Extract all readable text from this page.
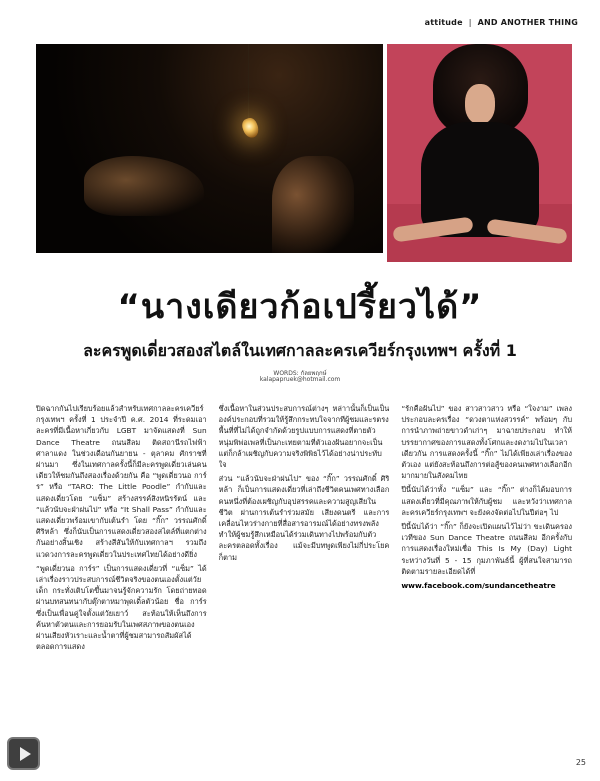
attitude | AND ANOTHER THING
“นางเดียวก้อเปรี้ยวได้”
ละครพูดเดี่ยวสองสไตล์ในเทศกาลละครเควียร์กรุงเทพฯ ครั้งที่ 1
WORDS: กัลยพฤกษ์
kalapapruek@hotmail.com

ปิดฉากกันไปเรียบร้อยแล้วสำหรับเทศกาลละครเควียร์กรุงเทพฯ ครั้งที่ 1 ประจำปี ค.ศ. 2014 ที่ระดมเอาละครที่มีเนื้อหาเกี่ยวกับ LGBT มาจัดแสดงที่ Sun Dance Theatre ถนนสีลม ติดสถานีรถไฟฟ้าศาลาแดง ในช่วงเดือนกันยายน - ตุลาคม ศักราชที่ผ่านมา ซึ่งในเทศกาลครั้งนี้ก็มีละครพูดเดี่ยวเล่นคนเดียวให้ชมกันถึงสองเรื่องด้วยกัน คือ “พูดเดี่ยวนอ การ์ร” หรือ “TARO: The Little Poodle” กำกับและแสดงเดี่ยวโดย “แซ็ม” สร้างสรรค์สิงหนิรรัตน์ และ “แล้วนับจะฝ่าฝนไป” หรือ “It Shall Pass” กำกับและแสดงเดี่ยวพร้อมเขากับเต้นรำ โดย “กิ๊ก” วรรณศักดิ์ ศิริหล้า ซึ่งก็นับเป็นการแสดงเดี่ยวสองสไตล์ที่แตกต่างกันอย่างสิ้นเชิง สร้างสีสันให้กับเทศกาลฯ รวมถึงแวดวงการละครพูดเดี่ยวในประเทศไทยได้อย่างดียิ่ง

“พูดเดี่ยวนอ การ์ร” เป็นการแสดงเดี่ยวที่ “แซ็ม” ได้เล่าเรื่องราวประสบการณ์ชีวิตจริงของตนเองตั้งแต่วัยเด็ก กระทั่งเติบโตขึ้นมาจนรู้จักความรัก โดยถ่ายทอดผ่านบทสนทนากับตุ๊กตาหมาพุดเดิ้ลตัวน้อย ชื่อ การ์ร ซึ่งเป็นเพื่อนคู่ใจตั้งแต่วัยเยาว์ สะท้อนให้เห็นถึงการค้นหาตัวตนและการยอมรับในเพศสภาพของตนเอง ผ่านเสียงหัวเราะและน้ำตาที่ผู้ชมสามารถสัมผัสได้ตลอดการแสดง

ซึ่งเนื้อหาในส่วนประสบการณ์ต่างๆ หล่าานั้นก็เป็นเป็นองค์ประกอบที่รวมให้รู้สึกกระทบใจจากทีผู้ชมและรตรงพื้นที่ที่ไม่ได้ถูกจำกัดด้วยรูปแบบการแสดงที่ตายตัว หนุ่มพิพ่อเพลที่เป็นกะเทยตามที่ตัวเองฝันอยากจะเป็น แต่ก็กล้าเผชิญกับความจริงพิพิธไว้ได้อย่างน่าประทับใจ

ส่วน “แล้วนับจะฝ่าฝนไป” ของ “กิ๊ก” วรรณศักดิ์ ศิริหล้า ก็เป็นการแสดงเดี่ยวที่เล่าถึงชีวิตคนเพศทางเลือกคนหนึ่งที่ต้องเผชิญกับอุปสรรคและความสูญเสียในชีวิต ผ่านการเต้นรำร่วมสมัย เสียงดนตรี และการเคลื่อนไหวร่างกายที่สื่อสารอารมณ์ได้อย่างทรงพลัง ทำให้ผู้ชมรู้สึกเหมือนได้ร่วมเดินทางไปพร้อมกับตัวละครตลอดทั้งเรื่อง แม้จะมีบทพูดเพียงไม่กี่ประโยคก็ตาม

“รักคือฝันไป” ของ สาวสาวสาว หรือ “ใจงาม” เพลงประกอบละครเรื่อง “ดวงตาแห่งสวรรค์” พร้อมๆ กับการนำภาพถ่ายขาวดำเก่าๆ มาฉายประกอบ ทำให้บรรยากาศของการแสดงทั้งโศกและงดงามไปในเวลาเดียวกัน การแสดงครั้งนี้ “กิ๊ก” ไม่ได้เพียงเล่าเรื่องของตัวเอง แต่ยังสะท้อนถึงการต่อสู้ของคนเพศทางเลือกอีกมากมายในสังคมไทย

ปีนี้นับได้ว่าทั้ง “แซ็ม” และ “กิ๊ก” ต่างก็ได้มอบการแสดงเดี่ยวที่มีคุณภาพให้กับผู้ชม และหวังว่าเทศกาลละครเควียร์กรุงเทพฯ จะยังคงจัดต่อไปในปีต่อๆ ไป

ปีนี้นับได้ว่า “กิ๊ก” ก็ยังจะเปิดแผนไว้ไม่ว่า ขะเดินครองเวทีของ Sun Dance Theatre ถนนสีลม อีกครั้งกับการแสดงเรื่องใหม่เชื่อ This Is My (Day) Light ระหว่างวันที่ 5 - 15 กุมภาพันธ์นี้ ผู้ที่สนใจสามารถติดตามรายละเอียดได้ที่

www.facebook.com/sundancetheatre

25
